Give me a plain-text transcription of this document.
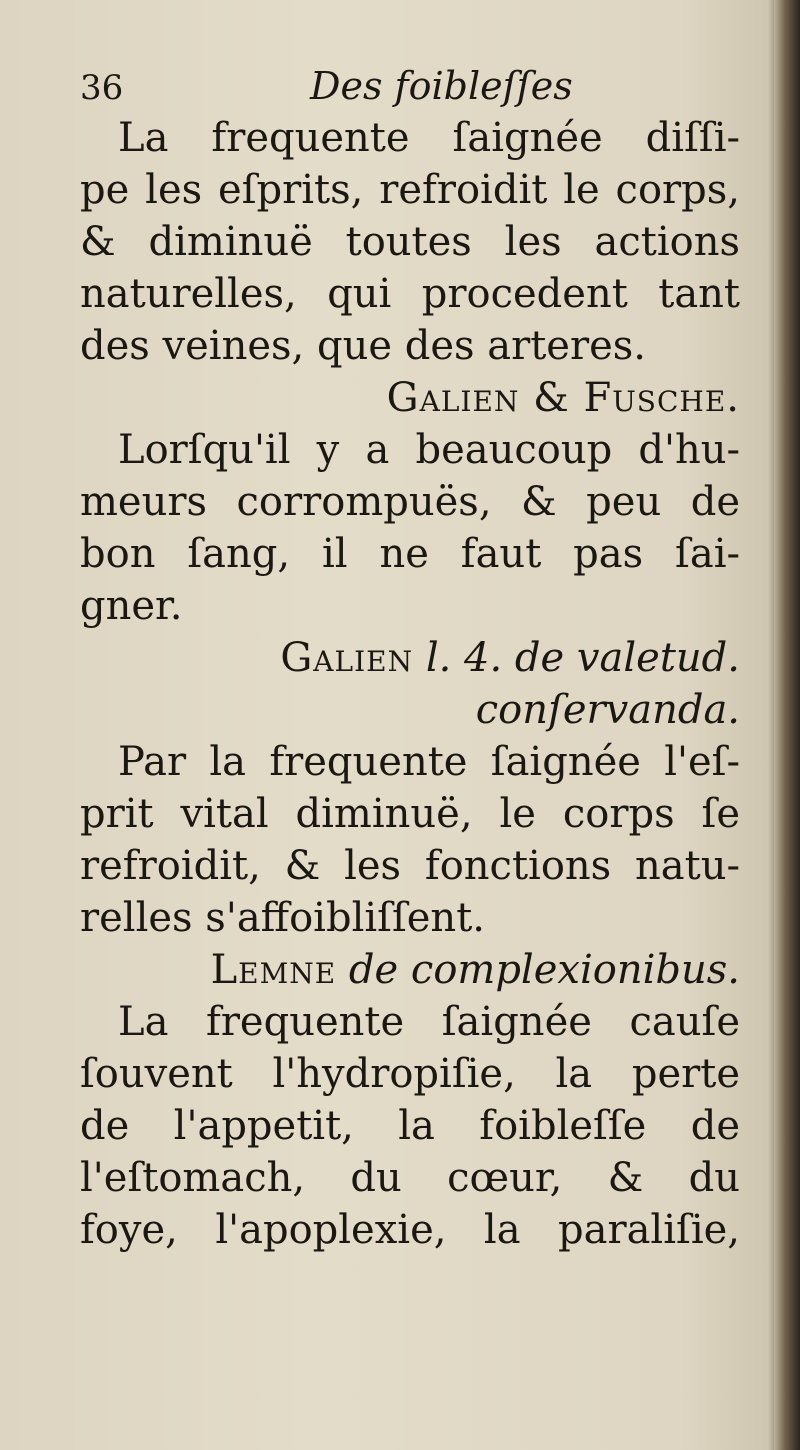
36	Des foibleſſes
La frequente ſaignée diſſi-
pe les eſprits, refroidit le corps,
& diminuë toutes les actions
naturelles, qui procedent tant
des veines, que des arteres.
Galien & Fusche.
Lorſqu'il y a beaucoup d'hu-
meurs corrompuës, & peu de
bon ſang, il ne faut pas ſai-
gner.
Galien l. 4. de valetud.
conſervanda.
Par la frequente ſaignée l'eſ-
prit vital diminuë, le corps ſe
refroidit, & les fonctions natu-
relles s'affoibliſſent.
Lemne de complexionibus.
La frequente ſaignée cauſe
ſouvent l'hydropiſie, la perte
de l'appetit, la foibleſſe de
l'eſtomach, du cœur, & du
foye, l'apoplexie, la paraliſie,
